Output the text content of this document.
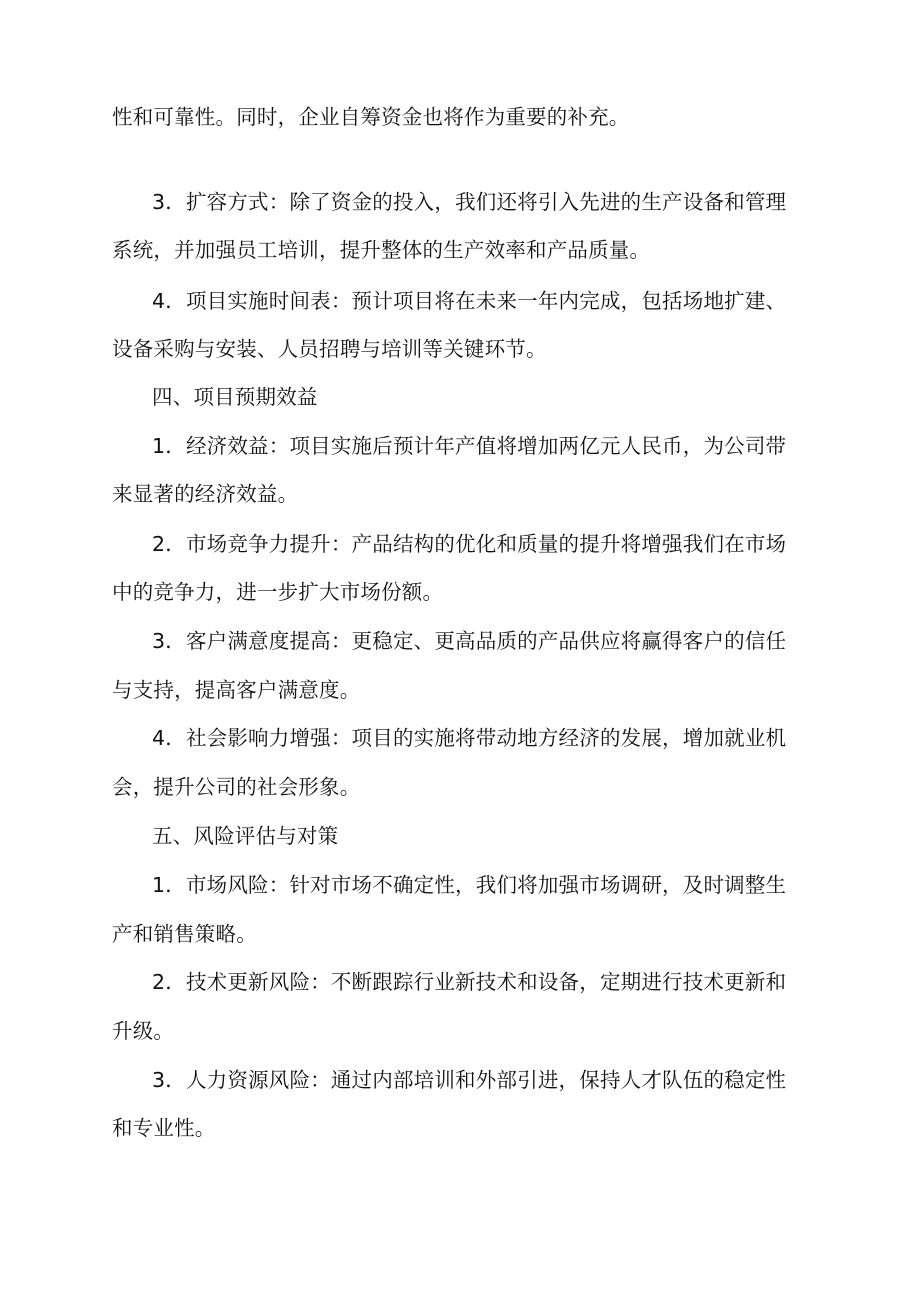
性和可靠性。同时，企业自筹资金也将作为重要的补充。
3．扩容方式：除了资金的投入，我们还将引入先进的生产设备和管理
系统，并加强员工培训，提升整体的生产效率和产品质量。
4．项目实施时间表：预计项目将在未来一年内完成，包括场地扩建、
设备采购与安装、人员招聘与培训等关键环节。
四、项目预期效益
1．经济效益：项目实施后预计年产值将增加两亿元人民币，为公司带
来显著的经济效益。
2．市场竞争力提升：产品结构的优化和质量的提升将增强我们在市场
中的竞争力，进一步扩大市场份额。
3．客户满意度提高：更稳定、更高品质的产品供应将赢得客户的信任
与支持，提高客户满意度。
4．社会影响力增强：项目的实施将带动地方经济的发展，增加就业机
会，提升公司的社会形象。
五、风险评估与对策
1．市场风险：针对市场不确定性，我们将加强市场调研，及时调整生
产和销售策略。
2．技术更新风险：不断跟踪行业新技术和设备，定期进行技术更新和
升级。
3．人力资源风险：通过内部培训和外部引进，保持人才队伍的稳定性
和专业性。
